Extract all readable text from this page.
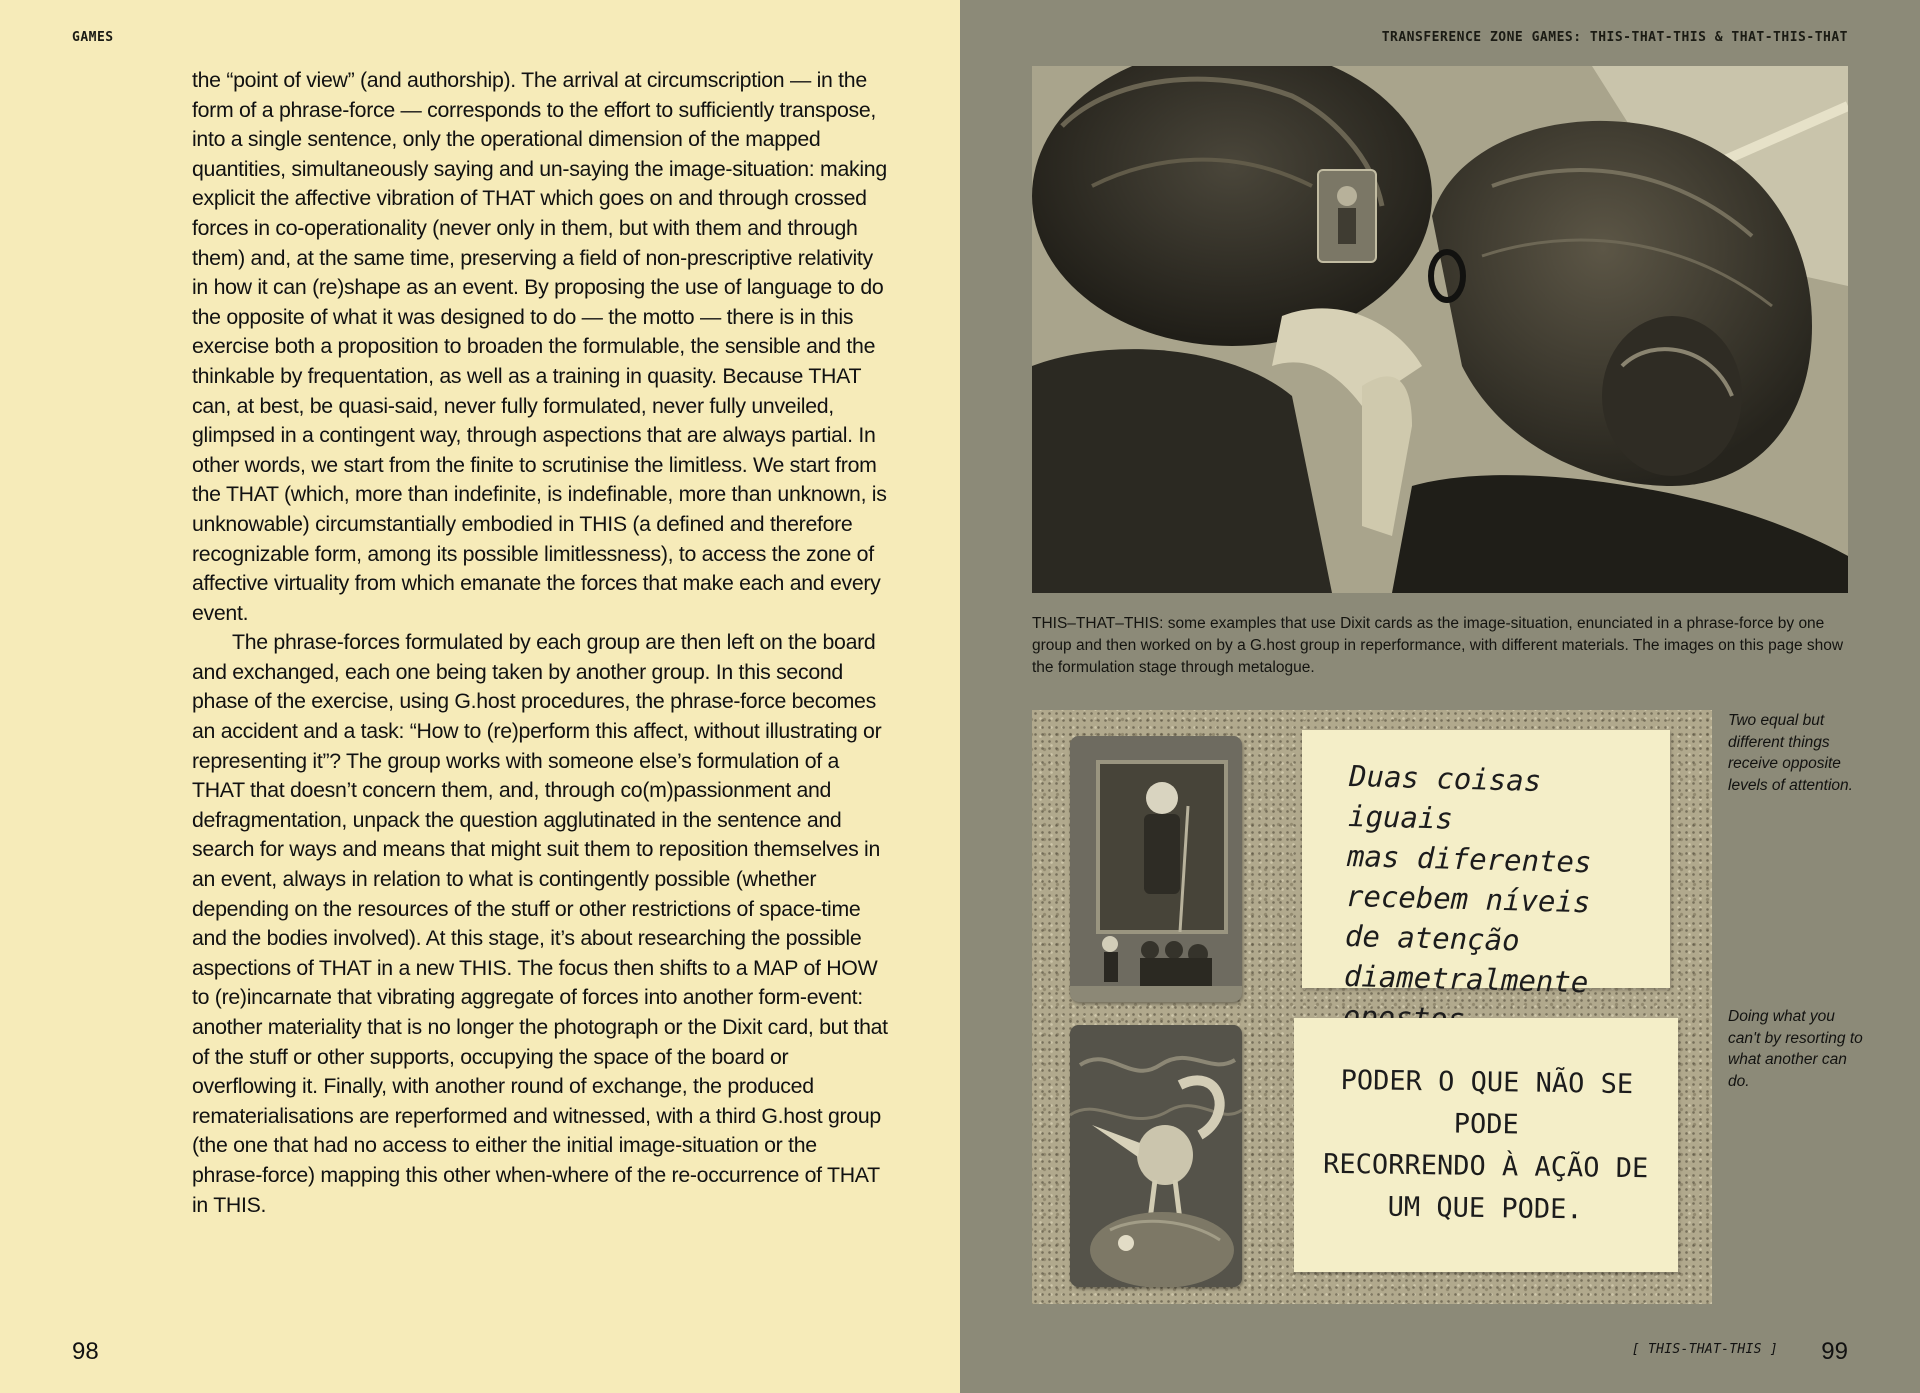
GAMES

the “point of view” (and authorship). The arrival at circumscription — in the form of a phrase-force — corresponds to the effort to sufficiently transpose, into a single sentence, only the operational dimension of the mapped quantities, simultaneously saying and un-saying the image-situation: making explicit the affective vibration of THAT which goes on and through crossed forces in co-operationality (never only in them, but with them and through them) and, at the same time, preserving a field of non-prescriptive relativity in how it can (re)shape as an event. By proposing the use of language to do the opposite of what it was designed to do — the motto — there is in this exercise both a proposition to broaden the formulable, the sensible and the thinkable by frequentation, as well as a training in quasity. Because THAT can, at best, be quasi-said, never fully formulated, never fully unveiled, glimpsed in a contingent way, through aspections that are always partial. In other words, we start from the finite to scrutinise the limitless. We start from the THAT (which, more than indefinite, is indefinable, more than unknown, is unknowable) circumstantially embodied in THIS (a defined and therefore recognizable form, among its possible limitlessness), to access the zone of affective virtuality from which emanate the forces that make each and every event.

The phrase-forces formulated by each group are then left on the board and exchanged, each one being taken by another group. In this second phase of the exercise, using G.host procedures, the phrase-force becomes an accident and a task: “How to (re)perform this affect, without illustrating or representing it”? The group works with someone else’s formulation of a THAT that doesn’t concern them, and, through co(m)passionment and defragmentation, unpack the question agglutinated in the sentence and search for ways and means that might suit them to reposition themselves in an event, always in relation to what is contingently possible (whether depending on the resources of the stuff or other restrictions of space-time and the bodies involved). At this stage, it’s about researching the possible aspections of THAT in a new THIS. The focus then shifts to a MAP of HOW to (re)incarnate that vibrating aggregate of forces into another form-event: another materiality that is no longer the photograph or the Dixit card, but that of the stuff or other supports, occupying the space of the board or overflowing it. Finally, with another round of exchange, the produced rematerialisations are reperformed and witnessed, with a third G.host group (the one that had no access to either the initial image-situation or the phrase-force) mapping this other when-where of the re-occurrence of THAT in THIS.

98
TRANSFERENCE ZONE GAMES: THIS-THAT-THIS & THAT-THIS-THAT
THIS–THAT–THIS: some examples that use Dixit cards as the image-situation, enunciated in a phrase-force by one group and then worked on by a G.host group in reperformance, with different materials. The images on this page show the formulation stage through metalogue.
Duas coisas iguais
mas diferentes
recebem níveis
de atenção
diametralmente

PODER O QUE NÃO SE
PODE
RECORRENDO À AÇÃO DE
UM QUE PODE.
Two equal but different things receive opposite levels of attention.
Doing what you can't by resorting to what another can do.
[ THIS-THAT-THIS ] 99
